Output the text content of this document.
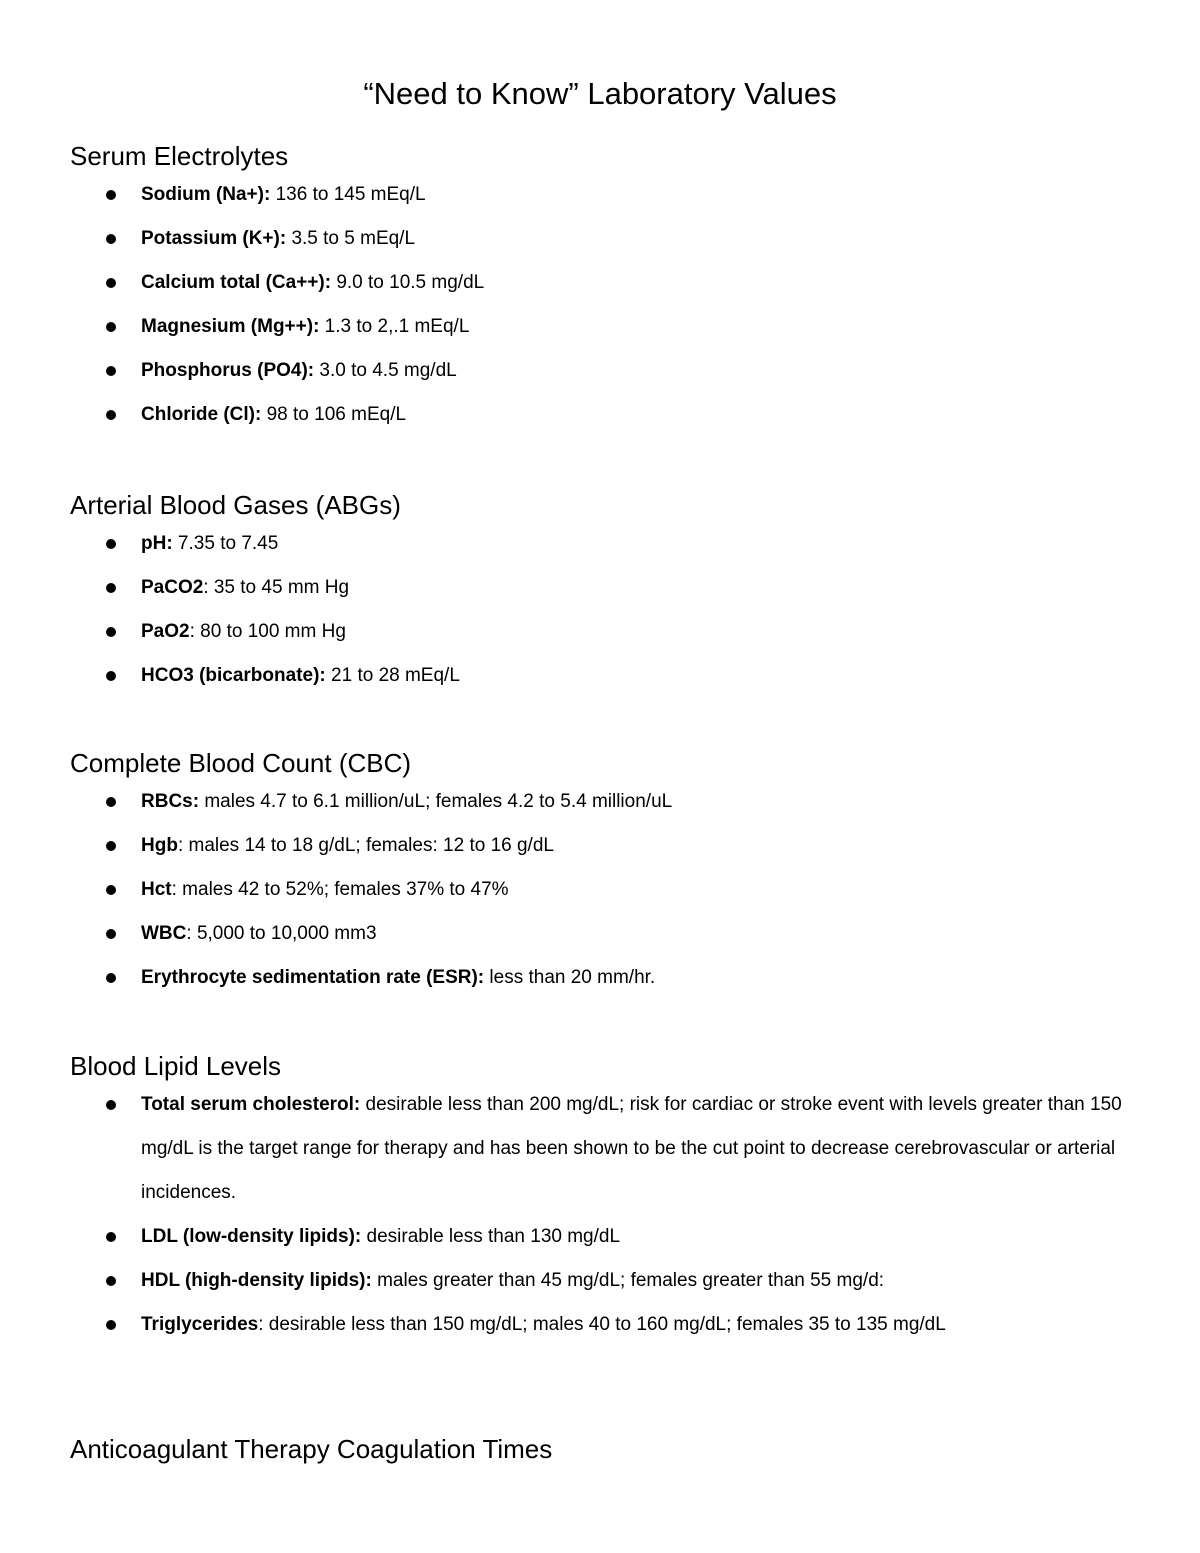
“Need to Know” Laboratory Values
Serum Electrolytes
Sodium (Na+): 136 to 145 mEq/L
Potassium (K+): 3.5 to 5 mEq/L
Calcium total (Ca++): 9.0 to 10.5 mg/dL
Magnesium (Mg++): 1.3 to 2,.1 mEq/L
Phosphorus (PO4): 3.0 to 4.5 mg/dL
Chloride (Cl): 98 to 106 mEq/L
Arterial Blood Gases (ABGs)
pH: 7.35 to 7.45
PaCO2: 35 to 45 mm Hg
PaO2: 80 to 100 mm Hg
HCO3 (bicarbonate): 21 to 28 mEq/L
Complete Blood Count (CBC)
RBCs: males 4.7 to 6.1 million/uL; females 4.2 to 5.4 million/uL
Hgb: males 14 to 18 g/dL; females: 12 to 16 g/dL
Hct: males 42 to 52%; females 37% to 47%
WBC: 5,000 to 10,000 mm3
Erythrocyte sedimentation rate (ESR): less than 20 mm/hr.
Blood Lipid Levels
Total serum cholesterol: desirable less than 200 mg/dL; risk for cardiac or stroke event with levels greater than 150 mg/dL is the target range for therapy and has been shown to be the cut point to decrease cerebrovascular or arterial incidences.
LDL (low-density lipids): desirable less than 130 mg/dL
HDL (high-density lipids): males greater than 45 mg/dL; females greater than 55 mg/d:
Triglycerides: desirable less than 150 mg/dL; males 40 to 160 mg/dL; females 35 to 135 mg/dL
Anticoagulant Therapy Coagulation Times
